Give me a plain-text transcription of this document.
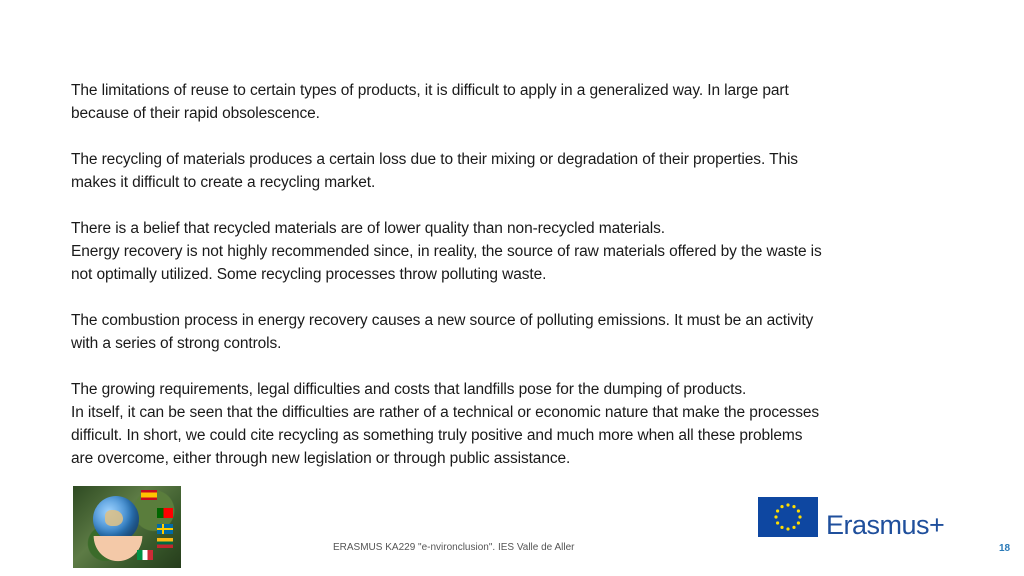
The limitations of reuse to certain types of products, it is difficult to apply in a generalized way. In large part
because of their rapid obsolescence.

The recycling of materials produces a certain loss due to their mixing or degradation of their properties. This
makes it difficult to create a recycling market.

There is a belief that recycled materials are of lower quality than non-recycled materials.
Energy recovery is not highly recommended since, in reality, the source of raw materials offered by the waste is
not optimally utilized. Some recycling processes throw polluting waste.

The combustion process in energy recovery causes a new source of polluting emissions. It must be an activity
with a series of strong controls.

The growing requirements, legal difficulties and costs that landfills pose for the dumping of products.
In itself, it can be seen that the difficulties are rather of a technical or economic nature that make the processes
difficult. In short, we could cite recycling as something truly positive and much more when all these problems
are overcome, either through new legislation or through public assistance.

ERASMUS KA229 "e-nvironclusion". IES Valle de Aller
Erasmus+
18
